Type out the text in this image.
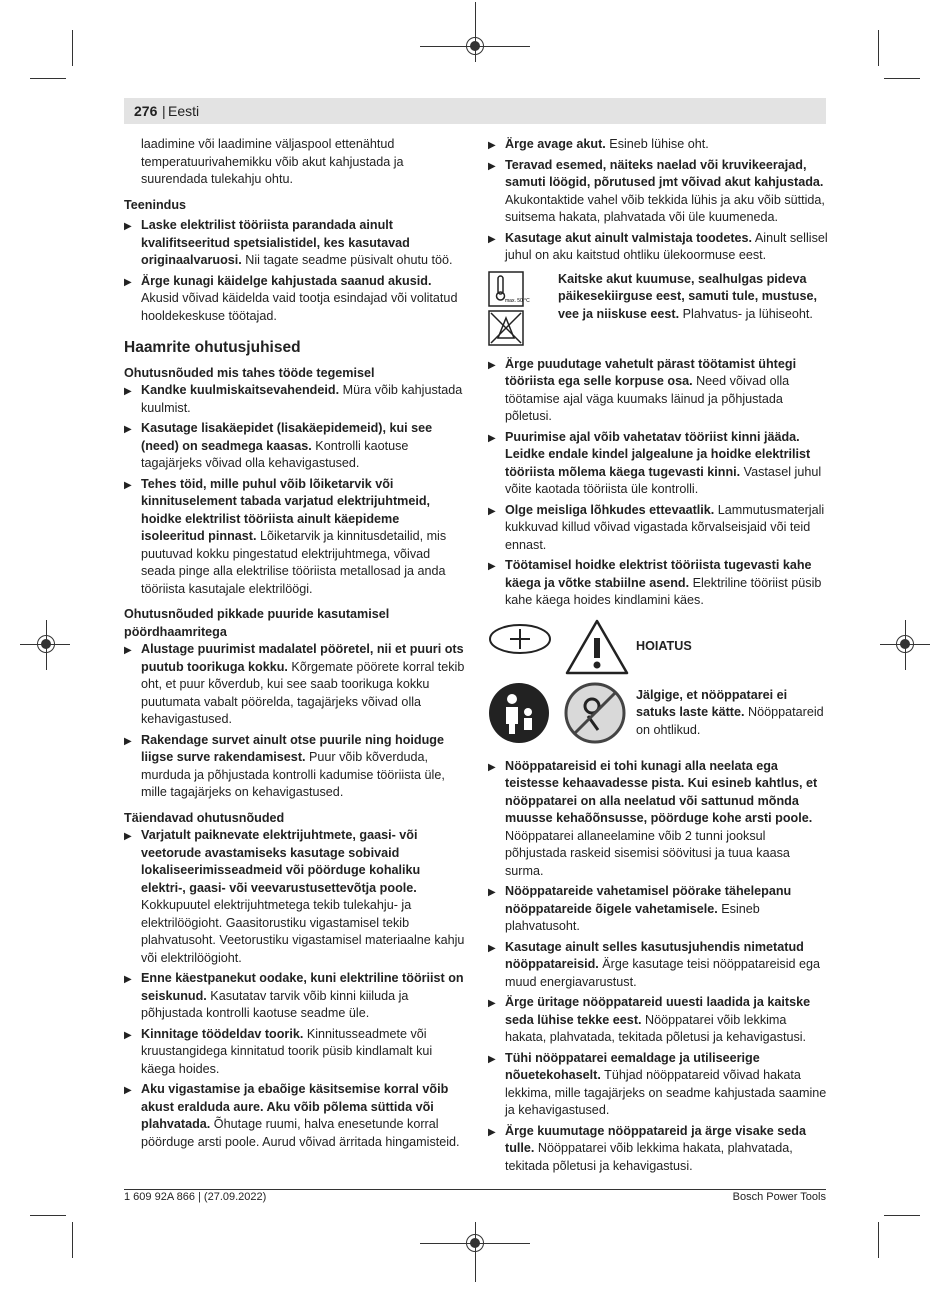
276 | Eesti

laadimine või laadimine väljaspool ettenähtud temperatuurivahemikku võib akut kahjustada ja suurendada tulekahju ohtu.

Teenindus

▶ Laske elektrilist tööriista parandada ainult kvalifitseeritud spetsialistidel, kes kasutavad originaalvaruosi. Nii tagate seadme püsivalt ohutu töö.
▶ Ärge kunagi käidelge kahjustada saanud akusid. Akusid võivad käidelda vaid tootja esindajad või volitatud hooldekeskuse töötajad.
Haamrite ohutusjuhised

Ohutusnõuded mis tahes tööde tegemisel

▶ Kandke kuulmiskaitsevahendeid. Müra võib kahjustada kuulmist.
▶ Kasutage lisakäepidet (lisakäepidemeid), kui see (need) on seadmega kaasas. Kontrolli kaotuse tagajärjeks võivad olla kehavigastused.
▶ Tehes töid, mille puhul võib lõiketarvik või kinnituselement tabada varjatud elektrijuhtmeid, hoidke elektrilist tööriista ainult käepideme isoleeritud pinnast. Lõiketarvik ja kinnitusdetailid, mis puutuvad kokku pingestatud elektrijuhtmega, võivad seada pinge alla elektrilise tööriista metallosad ja anda tööriista kasutajale elektrilöögi.

Ohutusnõuded pikkade puuride kasutamisel pöördhaamritega

▶ Alustage puurimist madalatel pööretel, nii et puuri ots puutub toorikuga kokku. Kõrgemate pöörete korral tekib oht, et puur kõverdub, kui see saab toorikuga kokku puutumata vabalt pöörelda, tagajärjeks võivad olla kehavigastused.
▶ Rakendage survet ainult otse puurile ning hoiduge liigse surve rakendamisest. Puur võib kõverduda, murduda ja põhjustada kontrolli kadumise tööriista üle, mille tagajärjeks on kehavigastused.

Täiendavad ohutusnõuded

▶ Varjatult paiknevate elektrijuhtmete, gaasi- või veetorude avastamiseks kasutage sobivaid lokaliseerimisseadmeid või pöörduge kohaliku elektri-, gaasi- või veevarustusettevõtja poole. Kokkupuutel elektrijuhtmetega tekib tulekahju- ja elektrilöögioht. Gaasitorustiku vigastamisel tekib plahvatusoht. Veetorustiku vigastamisel materiaalne kahju või elektrilöögioht.
▶ Enne käestpanekut oodake, kuni elektriline tööriist on seiskunud. Kasutatav tarvik võib kinni kiiluda ja põhjustada kontrolli kaotuse seadme üle.
▶ Kinnitage töödeldav toorik. Kinnitusseadmete või kruustangidega kinnitatud toorik püsib kindlamalt kui käega hoides.
▶ Aku vigastamise ja ebaõige käsitsemise korral võib akust eralduda aure. Aku võib põlema süttida või plahvatada. Õhutage ruumi, halva enesetunde korral pöörduge arsti poole. Aurud võivad ärritada hingamisteid.
▶ Ärge avage akut. Esineb lühise oht.
▶ Teravad esemed, näiteks naelad või kruvikeerajad, samuti löögid, põrutused jmt võivad akut kahjustada. Akukontaktide vahel võib tekkida lühis ja aku võib süttida, suitsema hakata, plahvatada või üle kuumeneda.
▶ Kasutage akut ainult valmistaja toodetes. Ainult sellisel juhul on aku kaitstud ohtliku ülekoormuse eest.
max. 50 °C
Kaitske akut kuumuse, sealhulgas pideva päikesekiirguse eest, samuti tule, mustuse, vee ja niiskuse eest. Plahvatus- ja lühiseoht.
▶ Ärge puudutage vahetult pärast töötamist ühtegi tööriista ega selle korpuse osa. Need võivad olla töötamise ajal väga kuumaks läinud ja põhjustada põletusi.
▶ Puurimise ajal võib vahetatav tööriist kinni jääda. Leidke endale kindel jalgealune ja hoidke elektrilist tööriista mõlema käega tugevasti kinni. Vastasel juhul võite kaotada tööriista üle kontrolli.
▶ Olge meisliga lõhkudes ettevaatlik. Lammutusmaterjali kukkuvad killud võivad vigastada kõrvalseisjaid või teid ennast.
▶ Töötamisel hoidke elektrist tööriista tugevasti kahe käega ja võtke stabiilne asend. Elektriline tööriist püsib kahe käega hoides kindlamini käes.
HOIATUS
Jälgige, et nööppatarei ei satuks laste kätte. Nööppatareid on ohtlikud.
▶ Nööppatareisid ei tohi kunagi alla neelata ega teistesse kehaavadesse pista. Kui esineb kahtlus, et nööppatarei on alla neelatud või sattunud mõnda muusse kehaõõnsusse, pöörduge kohe arsti poole. Nööppatarei allaneelamine võib 2 tunni jooksul põhjustada raskeid sisemisi söövitusi ja tuua kaasa surma.
▶ Nööppatareide vahetamisel pöörake tähelepanu nööppatareide õigele vahetamisele. Esineb plahvatusoht.
▶ Kasutage ainult selles kasutusjuhendis nimetatud nööppatareisid. Ärge kasutage teisi nööppatareisid ega muud energiavarustust.
▶ Ärge üritage nööppatareid uuesti laadida ja kaitske seda lühise tekke eest. Nööppatarei võib lekkima hakata, plahvatada, tekitada põletusi ja kehavigastusi.
▶ Tühi nööppatarei eemaldage ja utiliseerige nõuetekohaselt. Tühjad nööppatareid võivad hakata lekkima, mille tagajärjeks on seadme kahjustada saamine ja kehavigastused.
▶ Ärge kuumutage nööppatareid ja ärge visake seda tulle. Nööppatarei võib lekkima hakata, plahvatada, tekitada põletusi ja kehavigastusi.
1 609 92A 866 | (27.09.2022)	Bosch Power Tools
